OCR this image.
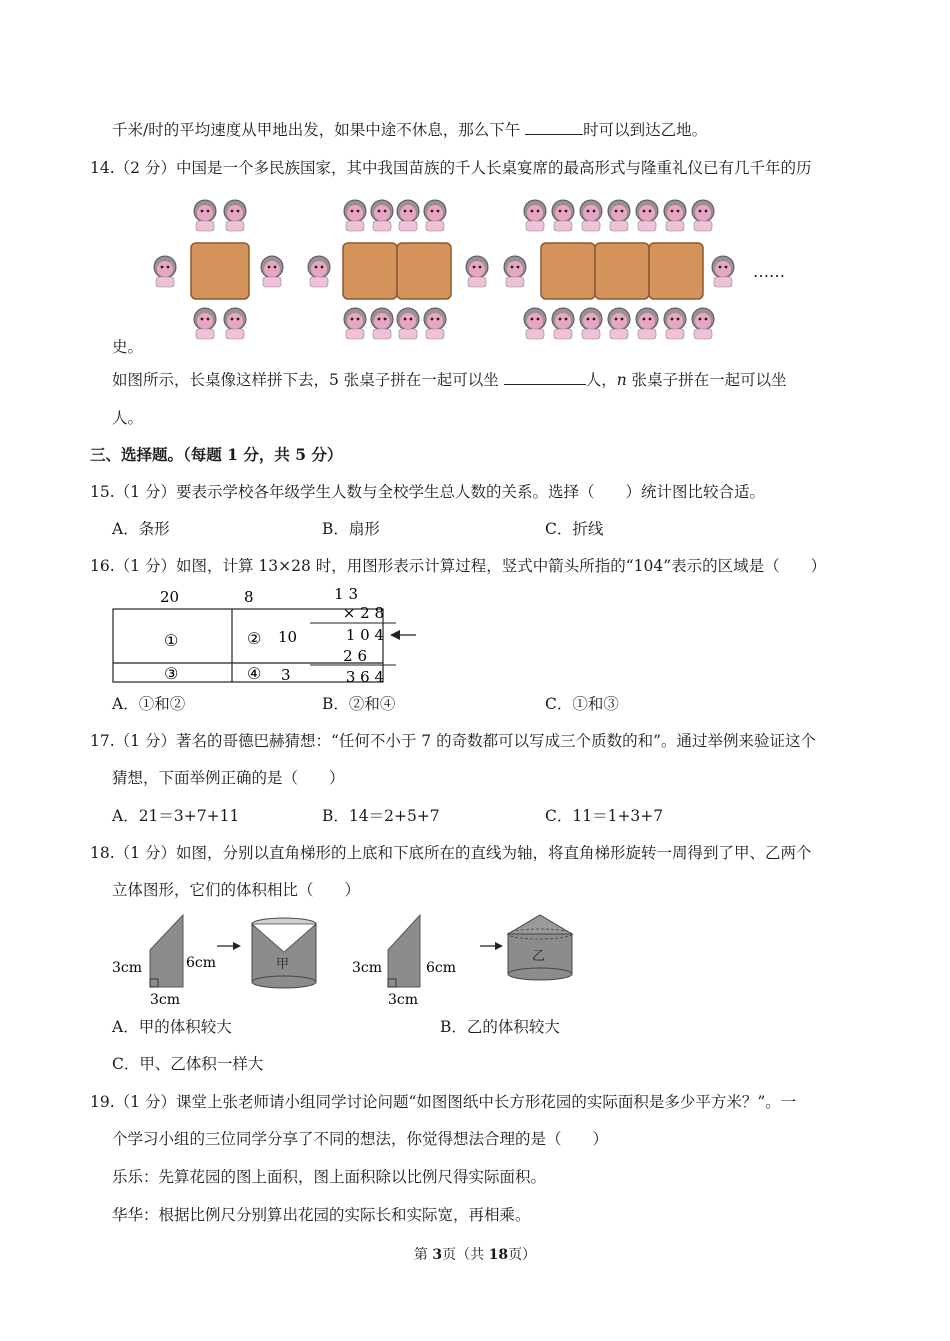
千米/时的平均速度从甲地出发，如果中途不休息，那么下午	时可以到达乙地。
14.（2 分）中国是一个多民族国家，其中我国苗族的千人长桌宴席的最高形式与隆重礼仪已有几千年的历
……
史。
如图所示，长桌像这样拼下去，5 张桌子拼在一起可以坐	人，n 张桌子拼在一起可以坐
人。
三、选择题。（每题 1 分，共 5 分）
15.（1 分）要表示学校各年级学生人数与全校学生总人数的关系。选择（　　）统计图比较合适。
A．条形	B．扇形	C．折线
16.（1 分）如图，计算 13×28 时，用图形表示计算过程，竖式中箭头所指的“104”表示的区域是（　　）
20	8
①	②
③	④
10
3
1 3
× 2 8
1 0 4
2 6
3 6 4
A．①和②	B．②和④	C．①和③
17.（1 分）著名的哥德巴赫猜想：“任何不小于 7 的奇数都可以写成三个质数的和”。通过举例来验证这个
猜想，下面举例正确的是（　　）
A．21＝3+7+11	B．14＝2+5+7	C．11＝1+3+7
18.（1 分）如图，分别以直角梯形的上底和下底所在的直线为轴，将直角梯形旋转一周得到了甲、乙两个
立体图形，它们的体积相比（　　）
3cm	6cm
3cm
甲	3cm	6cm
3cm
乙
A．甲的体积较大	B．乙的体积较大
C．甲、乙体积一样大
19.（1 分）课堂上张老师请小组同学讨论问题“如图图纸中长方形花园的实际面积是多少平方米？”。一
个学习小组的三位同学分享了不同的想法，你觉得想法合理的是（　　）
乐乐：先算花园的图上面积，图上面积除以比例尺得实际面积。
华华：根据比例尺分别算出花园的实际长和实际宽，再相乘。
第 3页（共 18页）
